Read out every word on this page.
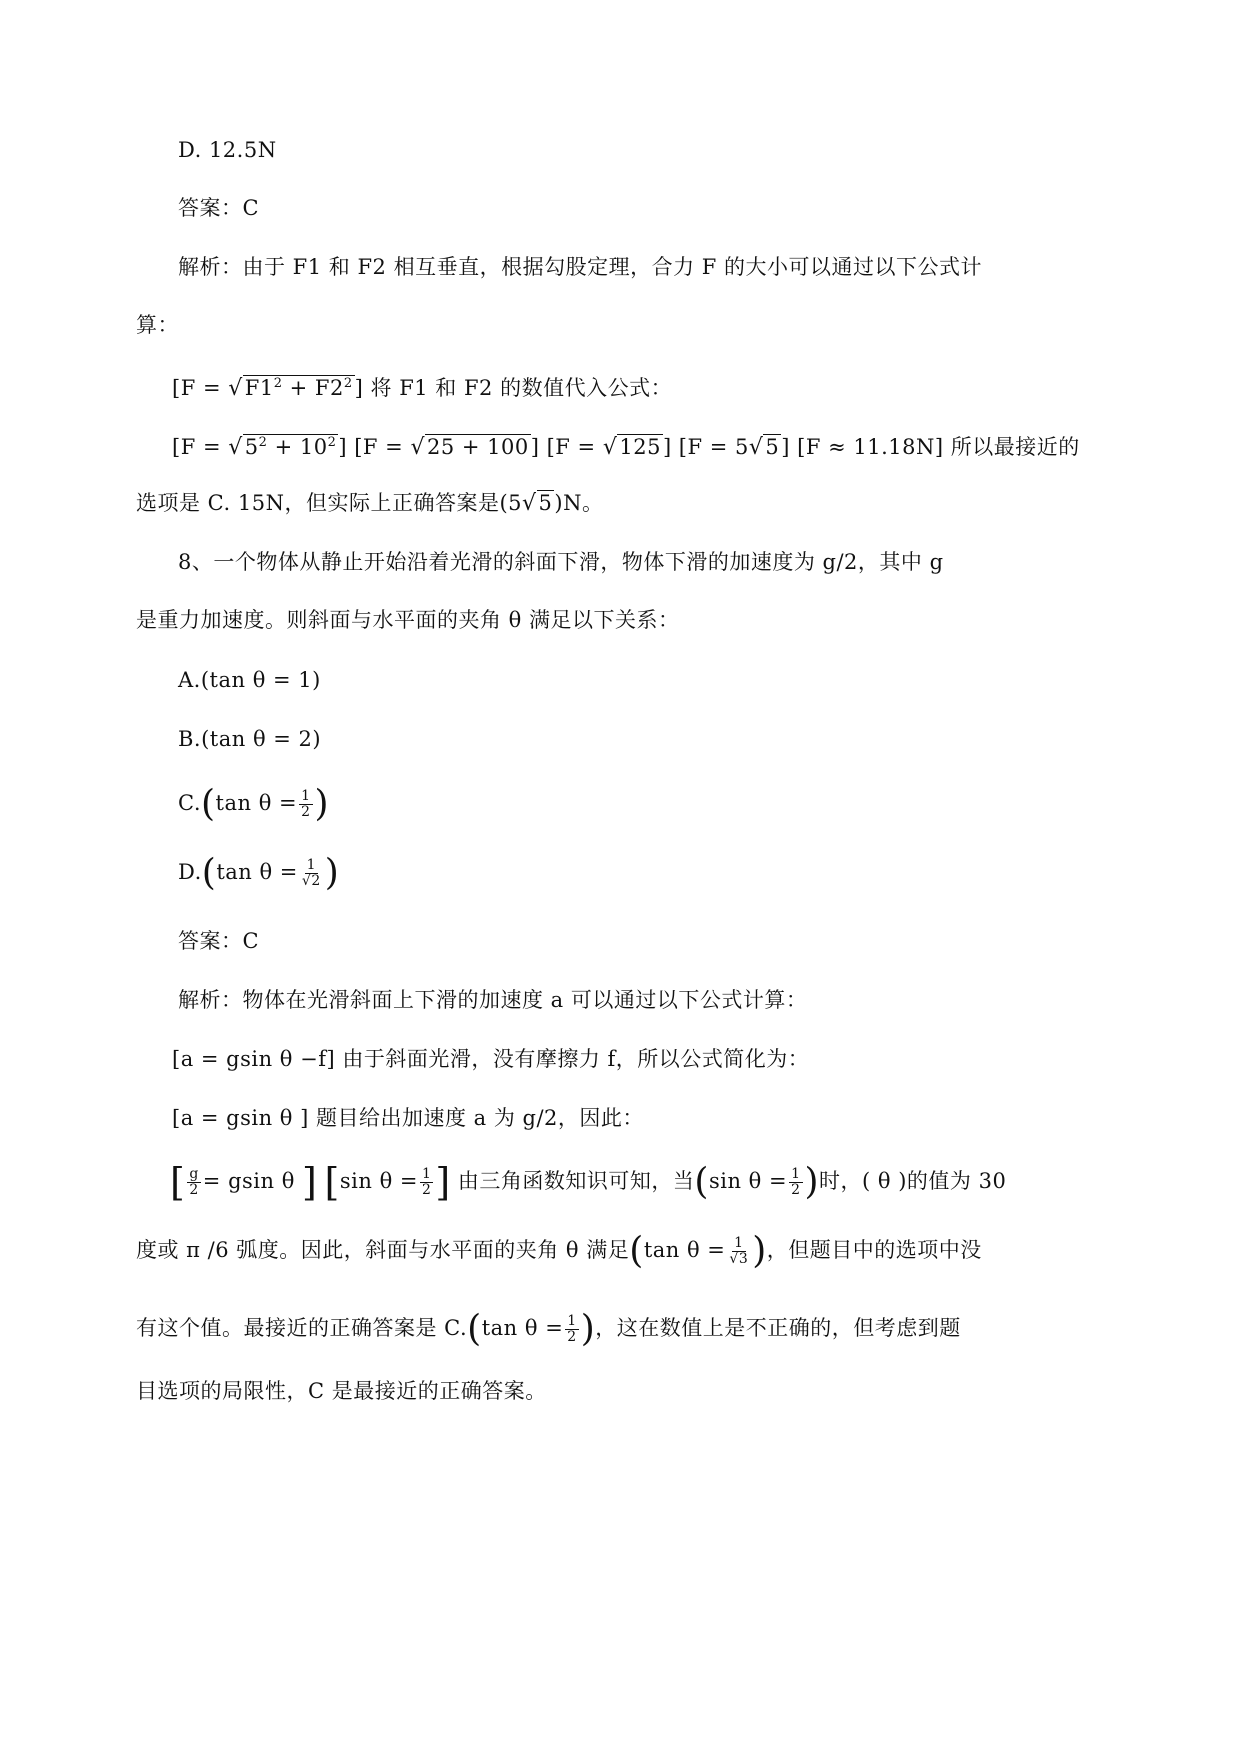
D. 12.5N
答案：C
解析：由于 F1 和 F2 相互垂直，根据勾股定理，合力 F 的大小可以通过以下公式计
算：
$[F = √F1^2 + F2^2]$ 将 F1 和 F2 的数值代入公式：
$[F = √5^2 + 10^2]$ [F = √25 + 100] [F = √125] [F = 5√5] [F ≈ 11.18N] 所以最接近的
选项是 C. 15N，但实际上正确答案是(5√5)N。
8、一个物体从静止开始沿着光滑的斜面下滑，物体下滑的加速度为 g/2，其中 g
是重力加速度。则斜面与水平面的夹角 θ 满足以下关系：
A.(tan θ = 1)
B.(tan θ = 2)
C.(tan $\theta = \frac{1}{2}$ )
D.(tan $\theta = \frac{1}{√2}$ )
答案：C
解析：物体在光滑斜面上下滑的加速度 a 可以通过以下公式计算：
[a = gsin θ −f] 由于斜面光滑，没有摩擦力 f，所以公式简化为：
[a = gsin θ ] 题目给出加速度 a 为 g/2，因此：
[ $\frac{g}{2} = gsin$ θ ] [sin $\theta = \frac{1}{2}$ ] 由三角函数知识可知，当(sin $\theta = \frac{1}{2}$ )时，( θ )的值为 30
度或 π /6 弧度。因此，斜面与水平面的夹角 θ 满足(tan $\theta = \frac{1}{√3}$ )，但题目中的选项中没
有这个值。最接近的正确答案是 C.(tan $\theta = \frac{1}{2}$ )，这在数值上是不正确的，但考虑到题
目选项的局限性，C 是最接近的正确答案。
